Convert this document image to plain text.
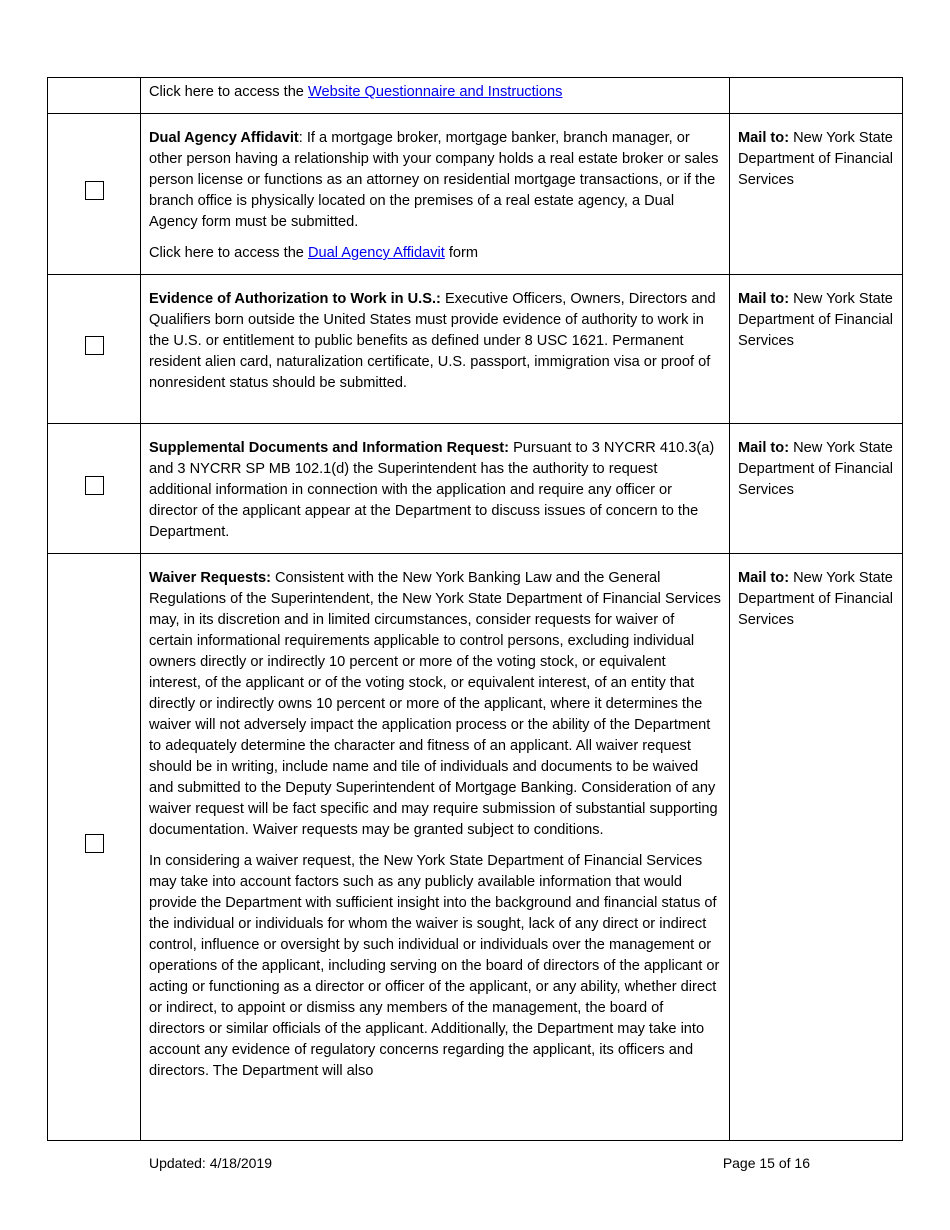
	Click here to access the Website Questionnaire and Instructions	

	Dual Agency Affidavit: If a mortgage broker, mortgage banker, branch manager, or other person having a relationship with your company holds a real estate broker or sales person license or functions as an attorney on residential mortgage transactions, or if the branch office is physically located on the premises of a real estate agency, a Dual Agency form must be submitted.

Click here to access the Dual Agency Affidavit form	Mail to: New York State Department of Financial Services

	Evidence of Authorization to Work in U.S.: Executive Officers, Owners, Directors and Qualifiers born outside the United States must provide evidence of authority to work in the U.S. or entitlement to public benefits as defined under 8 USC 1621. Permanent resident alien card, naturalization certificate, U.S. passport, immigration visa or proof of nonresident status should be submitted.	Mail to: New York State Department of Financial Services

	Supplemental Documents and Information Request: Pursuant to 3 NYCRR 410.3(a) and 3 NYCRR SP MB 102.1(d) the Superintendent has the authority to request additional information in connection with the application and require any officer or director of the applicant appear at the Department to discuss issues of concern to the Department.	Mail to: New York State Department of Financial Services

	Waiver Requests: Consistent with the New York Banking Law and the General Regulations of the Superintendent, the New York State Department of Financial Services may, in its discretion and in limited circumstances, consider requests for waiver of certain informational requirements applicable to control persons, excluding individual owners directly or indirectly 10 percent or more of the voting stock, or equivalent interest, of the applicant or of the voting stock, or equivalent interest, of an entity that directly or indirectly owns 10 percent or more of the applicant, where it determines the waiver will not adversely impact the application process or the ability of the Department to adequately determine the character and fitness of an applicant. All waiver request should be in writing, include name and tile of individuals and documents to be waived and submitted to the Deputy Superintendent of Mortgage Banking. Consideration of any waiver request will be fact specific and may require submission of substantial supporting documentation. Waiver requests may be granted subject to conditions.

In considering a waiver request, the New York State Department of Financial Services may take into account factors such as any publicly available information that would provide the Department with sufficient insight into the background and financial status of the individual or individuals for whom the waiver is sought, lack of any direct or indirect control, influence or oversight by such individual or individuals over the management or operations of the applicant, including serving on the board of directors of the applicant or acting or functioning as a director or officer of the applicant, or any ability, whether direct or indirect, to appoint or dismiss any members of the management, the board of directors or similar officials of the applicant. Additionally, the Department may take into account any evidence of regulatory concerns regarding the applicant, its officers and directors. The Department will also	Mail to: New York State Department of Financial Services
Updated: 4/18/2019	Page 15 of 16
